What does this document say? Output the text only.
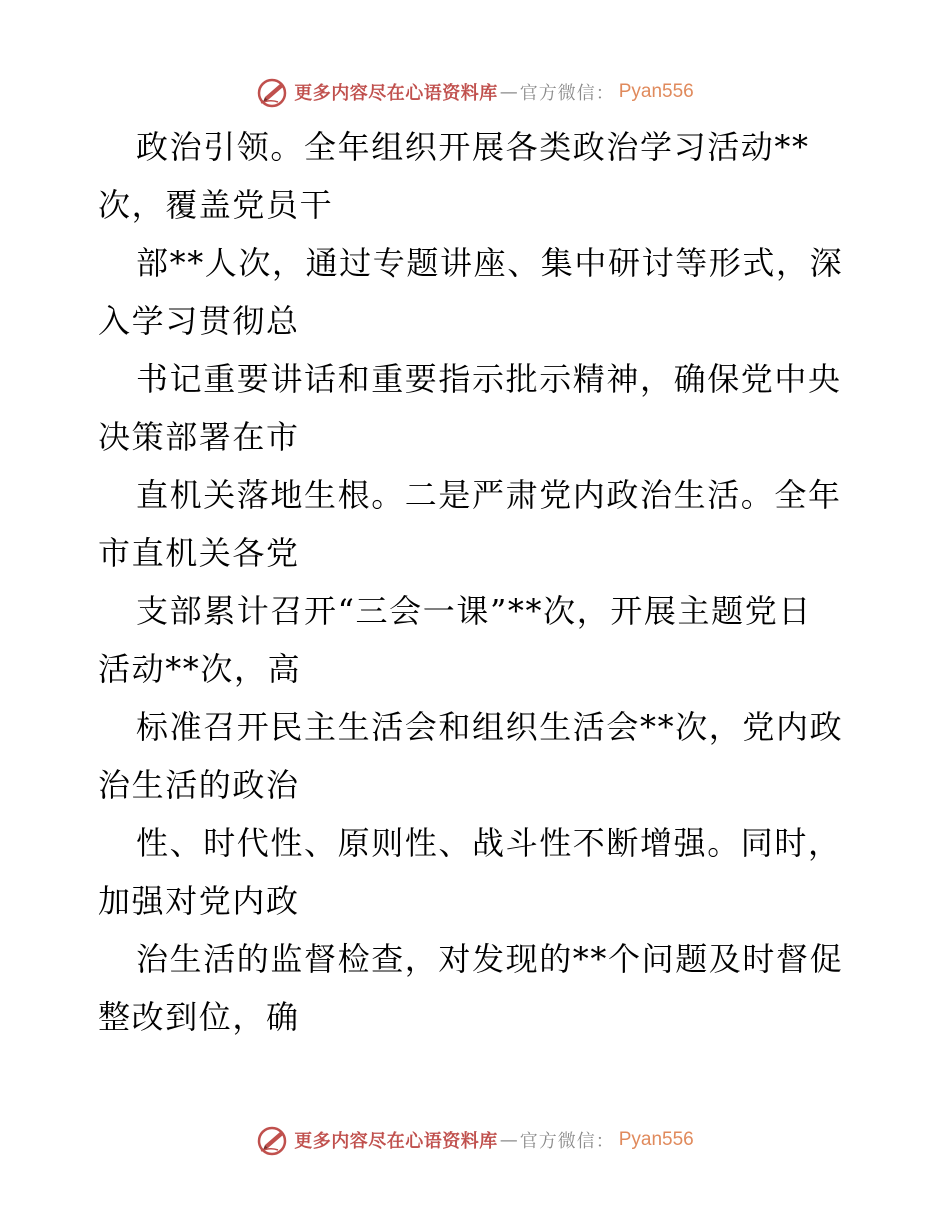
更多内容尽在心语资料库 — 官方微信： Pyan556
政治引领。全年组织开展各类政治学习活动**
次，覆盖党员干
部**人次，通过专题讲座、集中研讨等形式，深
入学习贯彻总
书记重要讲话和重要指示批示精神，确保党中央
决策部署在市
直机关落地生根。二是严肃党内政治生活。全年
市直机关各党
支部累计召开“三会一课”**次，开展主题党日
活动**次，高
标准召开民主生活会和组织生活会**次，党内政
治生活的政治
性、时代性、原则性、战斗性不断增强。同时，
加强对党内政
治生活的监督检查，对发现的**个问题及时督促
整改到位，确
更多内容尽在心语资料库 — 官方微信： Pyan556
